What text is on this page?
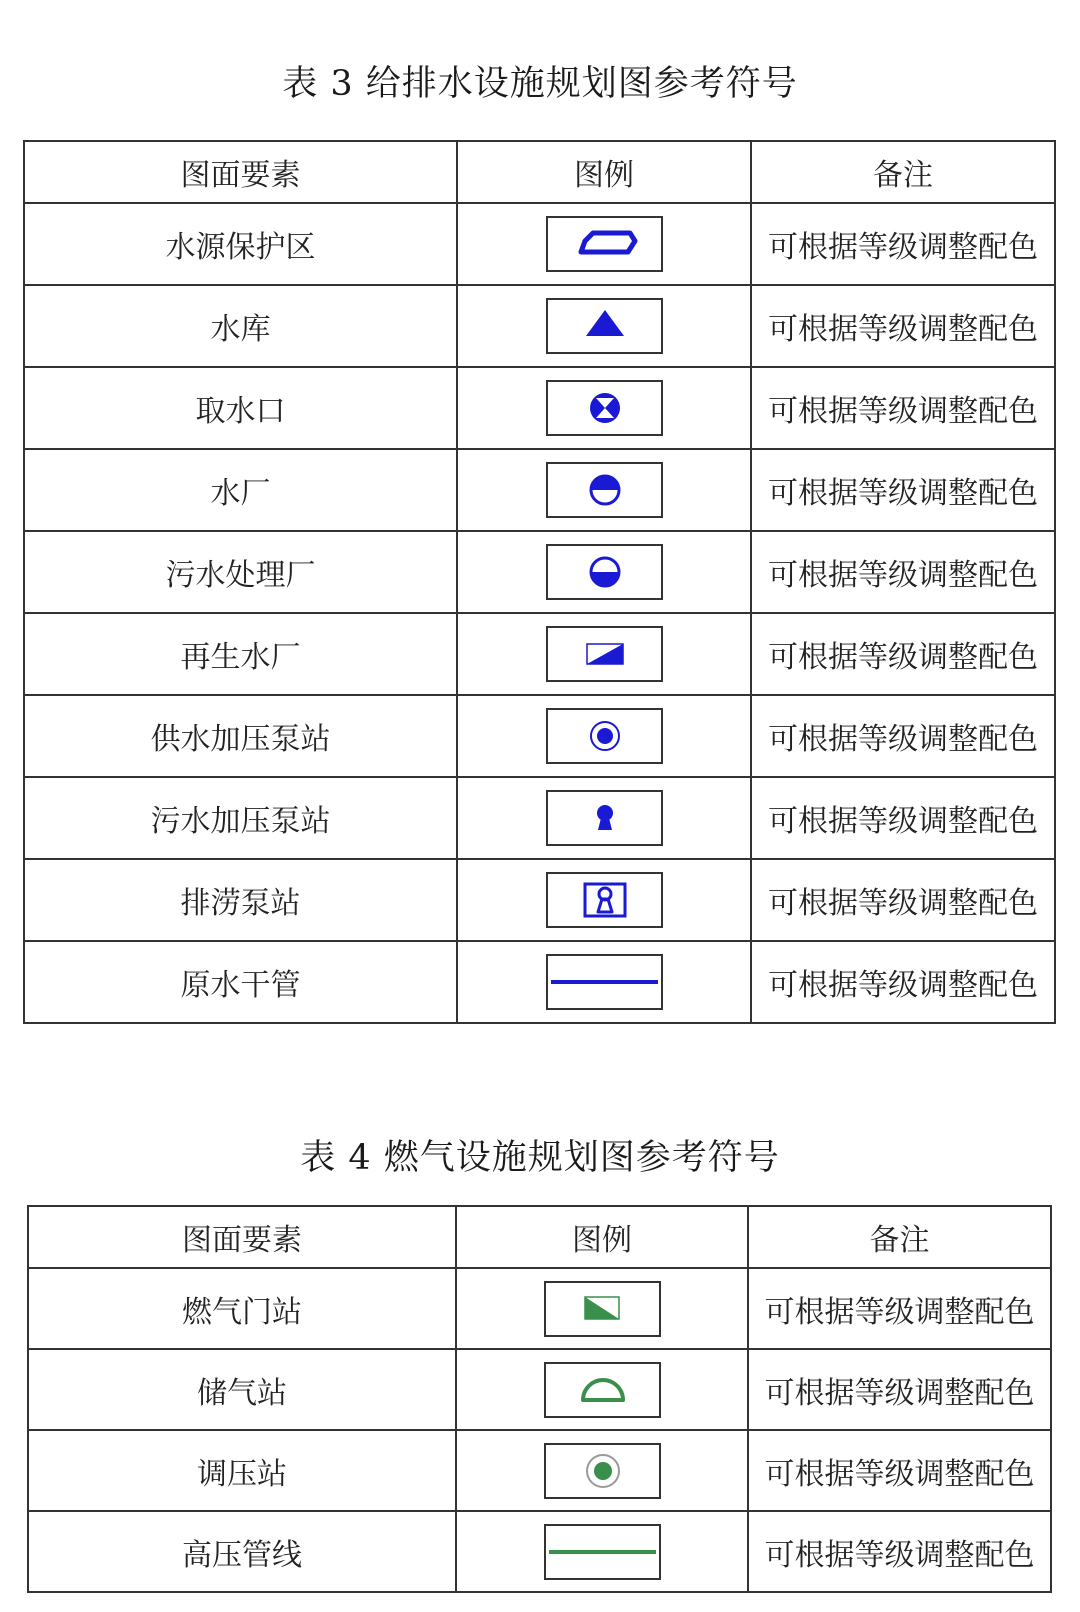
表 3 给排水设施规划图参考符号
图面要素	图例	备注
水源保护区		可根据等级调整配色
水库		可根据等级调整配色
取水口		可根据等级调整配色
水厂		可根据等级调整配色
污水处理厂		可根据等级调整配色
再生水厂		可根据等级调整配色
供水加压泵站		可根据等级调整配色
污水加压泵站		可根据等级调整配色
排涝泵站		可根据等级调整配色
原水干管		可根据等级调整配色
表 4 燃气设施规划图参考符号
图面要素	图例	备注
燃气门站		可根据等级调整配色
储气站		可根据等级调整配色
调压站		可根据等级调整配色
高压管线		可根据等级调整配色
